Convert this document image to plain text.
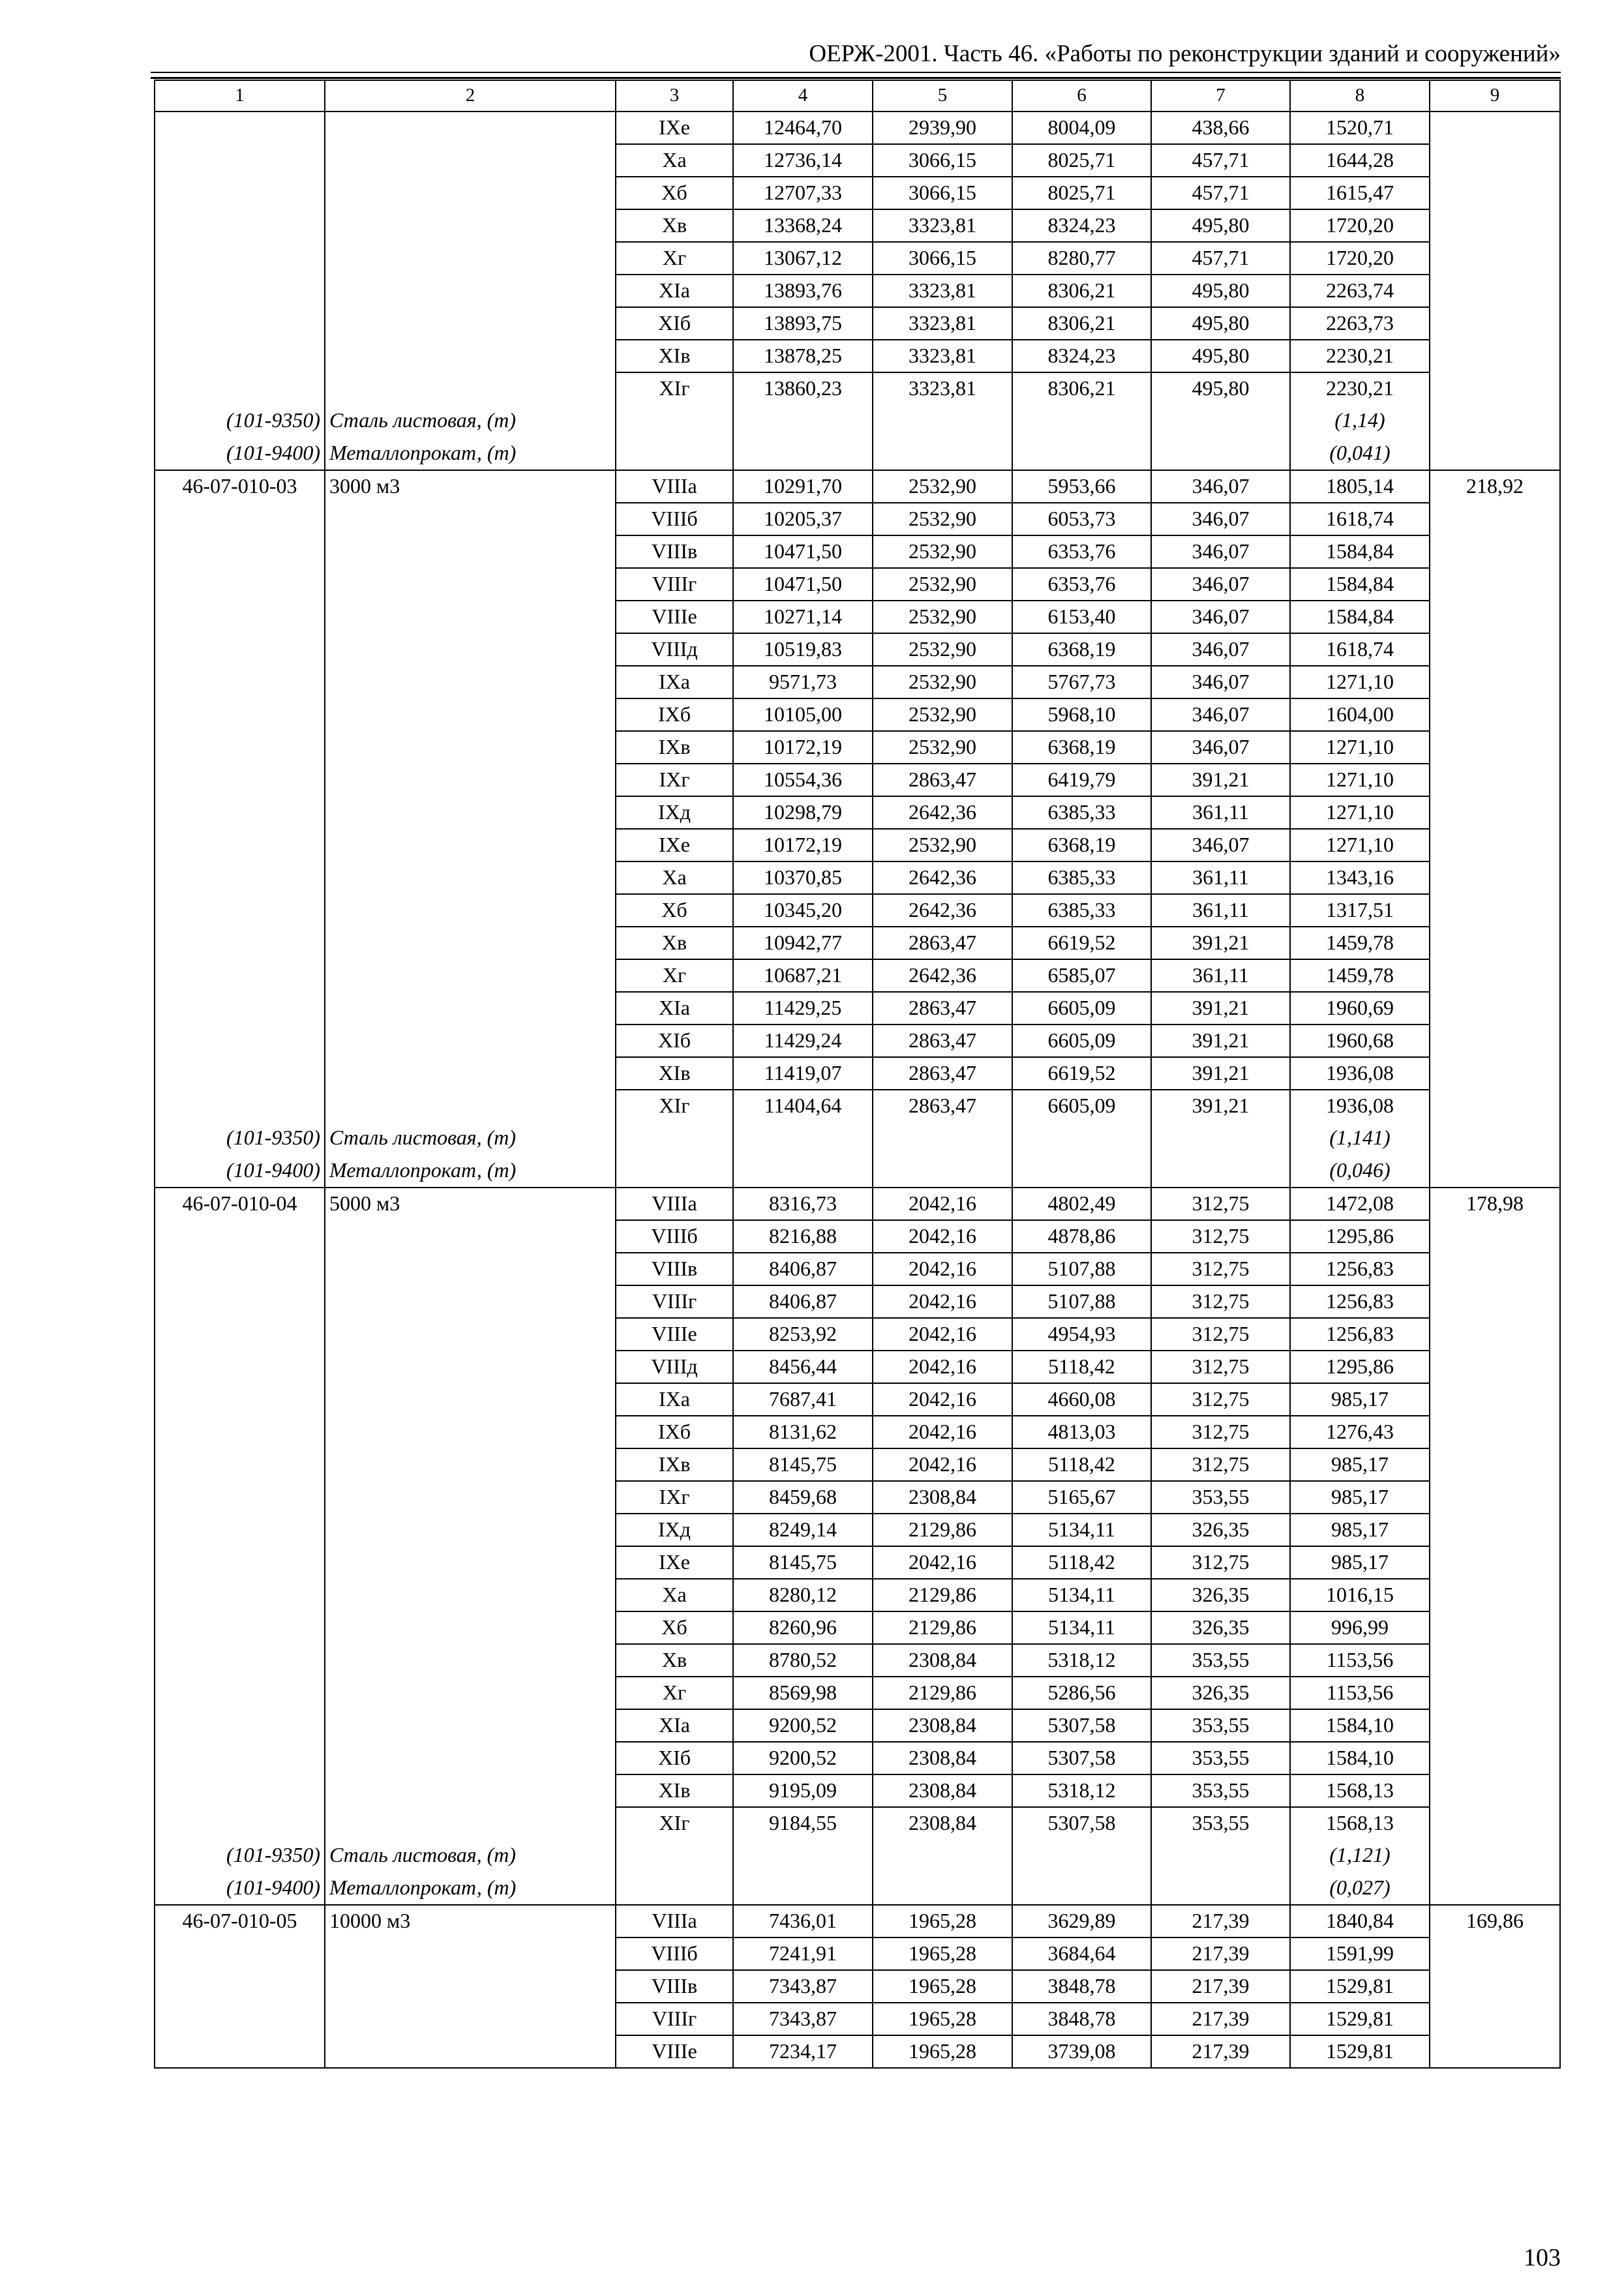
ОЕРЖ-2001. Часть 46. «Работы по реконструкции зданий и сооружений»
1	2	3	4	5	6	7	8	9
		IXе	12464,70	2939,90	8004,09	438,66	1520,71	
		Xа	12736,14	3066,15	8025,71	457,71	1644,28	
		Xб	12707,33	3066,15	8025,71	457,71	1615,47	
		Xв	13368,24	3323,81	8324,23	495,80	1720,20	
		Xг	13067,12	3066,15	8280,77	457,71	1720,20	
		XIа	13893,76	3323,81	8306,21	495,80	2263,74	
		XIб	13893,75	3323,81	8306,21	495,80	2263,73	
		XIв	13878,25	3323,81	8324,23	495,80	2230,21	
		XIг	13860,23	3323,81	8306,21	495,80	2230,21	
(101-9350)	Сталь листовая, (т)						(1,14)	
(101-9400)	Металлопрокат, (т)						(0,041)	
46-07-010-03	3000 м3	VIIIа	10291,70	2532,90	5953,66	346,07	1805,14	218,92
		VIIIб	10205,37	2532,90	6053,73	346,07	1618,74	
		VIIIв	10471,50	2532,90	6353,76	346,07	1584,84	
		VIIIг	10471,50	2532,90	6353,76	346,07	1584,84	
		VIIIе	10271,14	2532,90	6153,40	346,07	1584,84	
		VIIIд	10519,83	2532,90	6368,19	346,07	1618,74	
		IXа	9571,73	2532,90	5767,73	346,07	1271,10	
		IXб	10105,00	2532,90	5968,10	346,07	1604,00	
		IXв	10172,19	2532,90	6368,19	346,07	1271,10	
		IXг	10554,36	2863,47	6419,79	391,21	1271,10	
		IXд	10298,79	2642,36	6385,33	361,11	1271,10	
		IXе	10172,19	2532,90	6368,19	346,07	1271,10	
		Xа	10370,85	2642,36	6385,33	361,11	1343,16	
		Xб	10345,20	2642,36	6385,33	361,11	1317,51	
		Xв	10942,77	2863,47	6619,52	391,21	1459,78	
		Xг	10687,21	2642,36	6585,07	361,11	1459,78	
		XIа	11429,25	2863,47	6605,09	391,21	1960,69	
		XIб	11429,24	2863,47	6605,09	391,21	1960,68	
		XIв	11419,07	2863,47	6619,52	391,21	1936,08	
		XIг	11404,64	2863,47	6605,09	391,21	1936,08	
(101-9350)	Сталь листовая, (т)						(1,141)	
(101-9400)	Металлопрокат, (т)						(0,046)	
46-07-010-04	5000 м3	VIIIа	8316,73	2042,16	4802,49	312,75	1472,08	178,98
		VIIIб	8216,88	2042,16	4878,86	312,75	1295,86	
		VIIIв	8406,87	2042,16	5107,88	312,75	1256,83	
		VIIIг	8406,87	2042,16	5107,88	312,75	1256,83	
		VIIIе	8253,92	2042,16	4954,93	312,75	1256,83	
		VIIIд	8456,44	2042,16	5118,42	312,75	1295,86	
		IXа	7687,41	2042,16	4660,08	312,75	985,17	
		IXб	8131,62	2042,16	4813,03	312,75	1276,43	
		IXв	8145,75	2042,16	5118,42	312,75	985,17	
		IXг	8459,68	2308,84	5165,67	353,55	985,17	
		IXд	8249,14	2129,86	5134,11	326,35	985,17	
		IXе	8145,75	2042,16	5118,42	312,75	985,17	
		Xа	8280,12	2129,86	5134,11	326,35	1016,15	
		Xб	8260,96	2129,86	5134,11	326,35	996,99	
		Xв	8780,52	2308,84	5318,12	353,55	1153,56	
		Xг	8569,98	2129,86	5286,56	326,35	1153,56	
		XIа	9200,52	2308,84	5307,58	353,55	1584,10	
		XIб	9200,52	2308,84	5307,58	353,55	1584,10	
		XIв	9195,09	2308,84	5318,12	353,55	1568,13	
		XIг	9184,55	2308,84	5307,58	353,55	1568,13	
(101-9350)	Сталь листовая, (т)						(1,121)	
(101-9400)	Металлопрокат, (т)						(0,027)	
46-07-010-05	10000 м3	VIIIа	7436,01	1965,28	3629,89	217,39	1840,84	169,86
		VIIIб	7241,91	1965,28	3684,64	217,39	1591,99	
		VIIIв	7343,87	1965,28	3848,78	217,39	1529,81	
		VIIIг	7343,87	1965,28	3848,78	217,39	1529,81	
		VIIIе	7234,17	1965,28	3739,08	217,39	1529,81	
103
